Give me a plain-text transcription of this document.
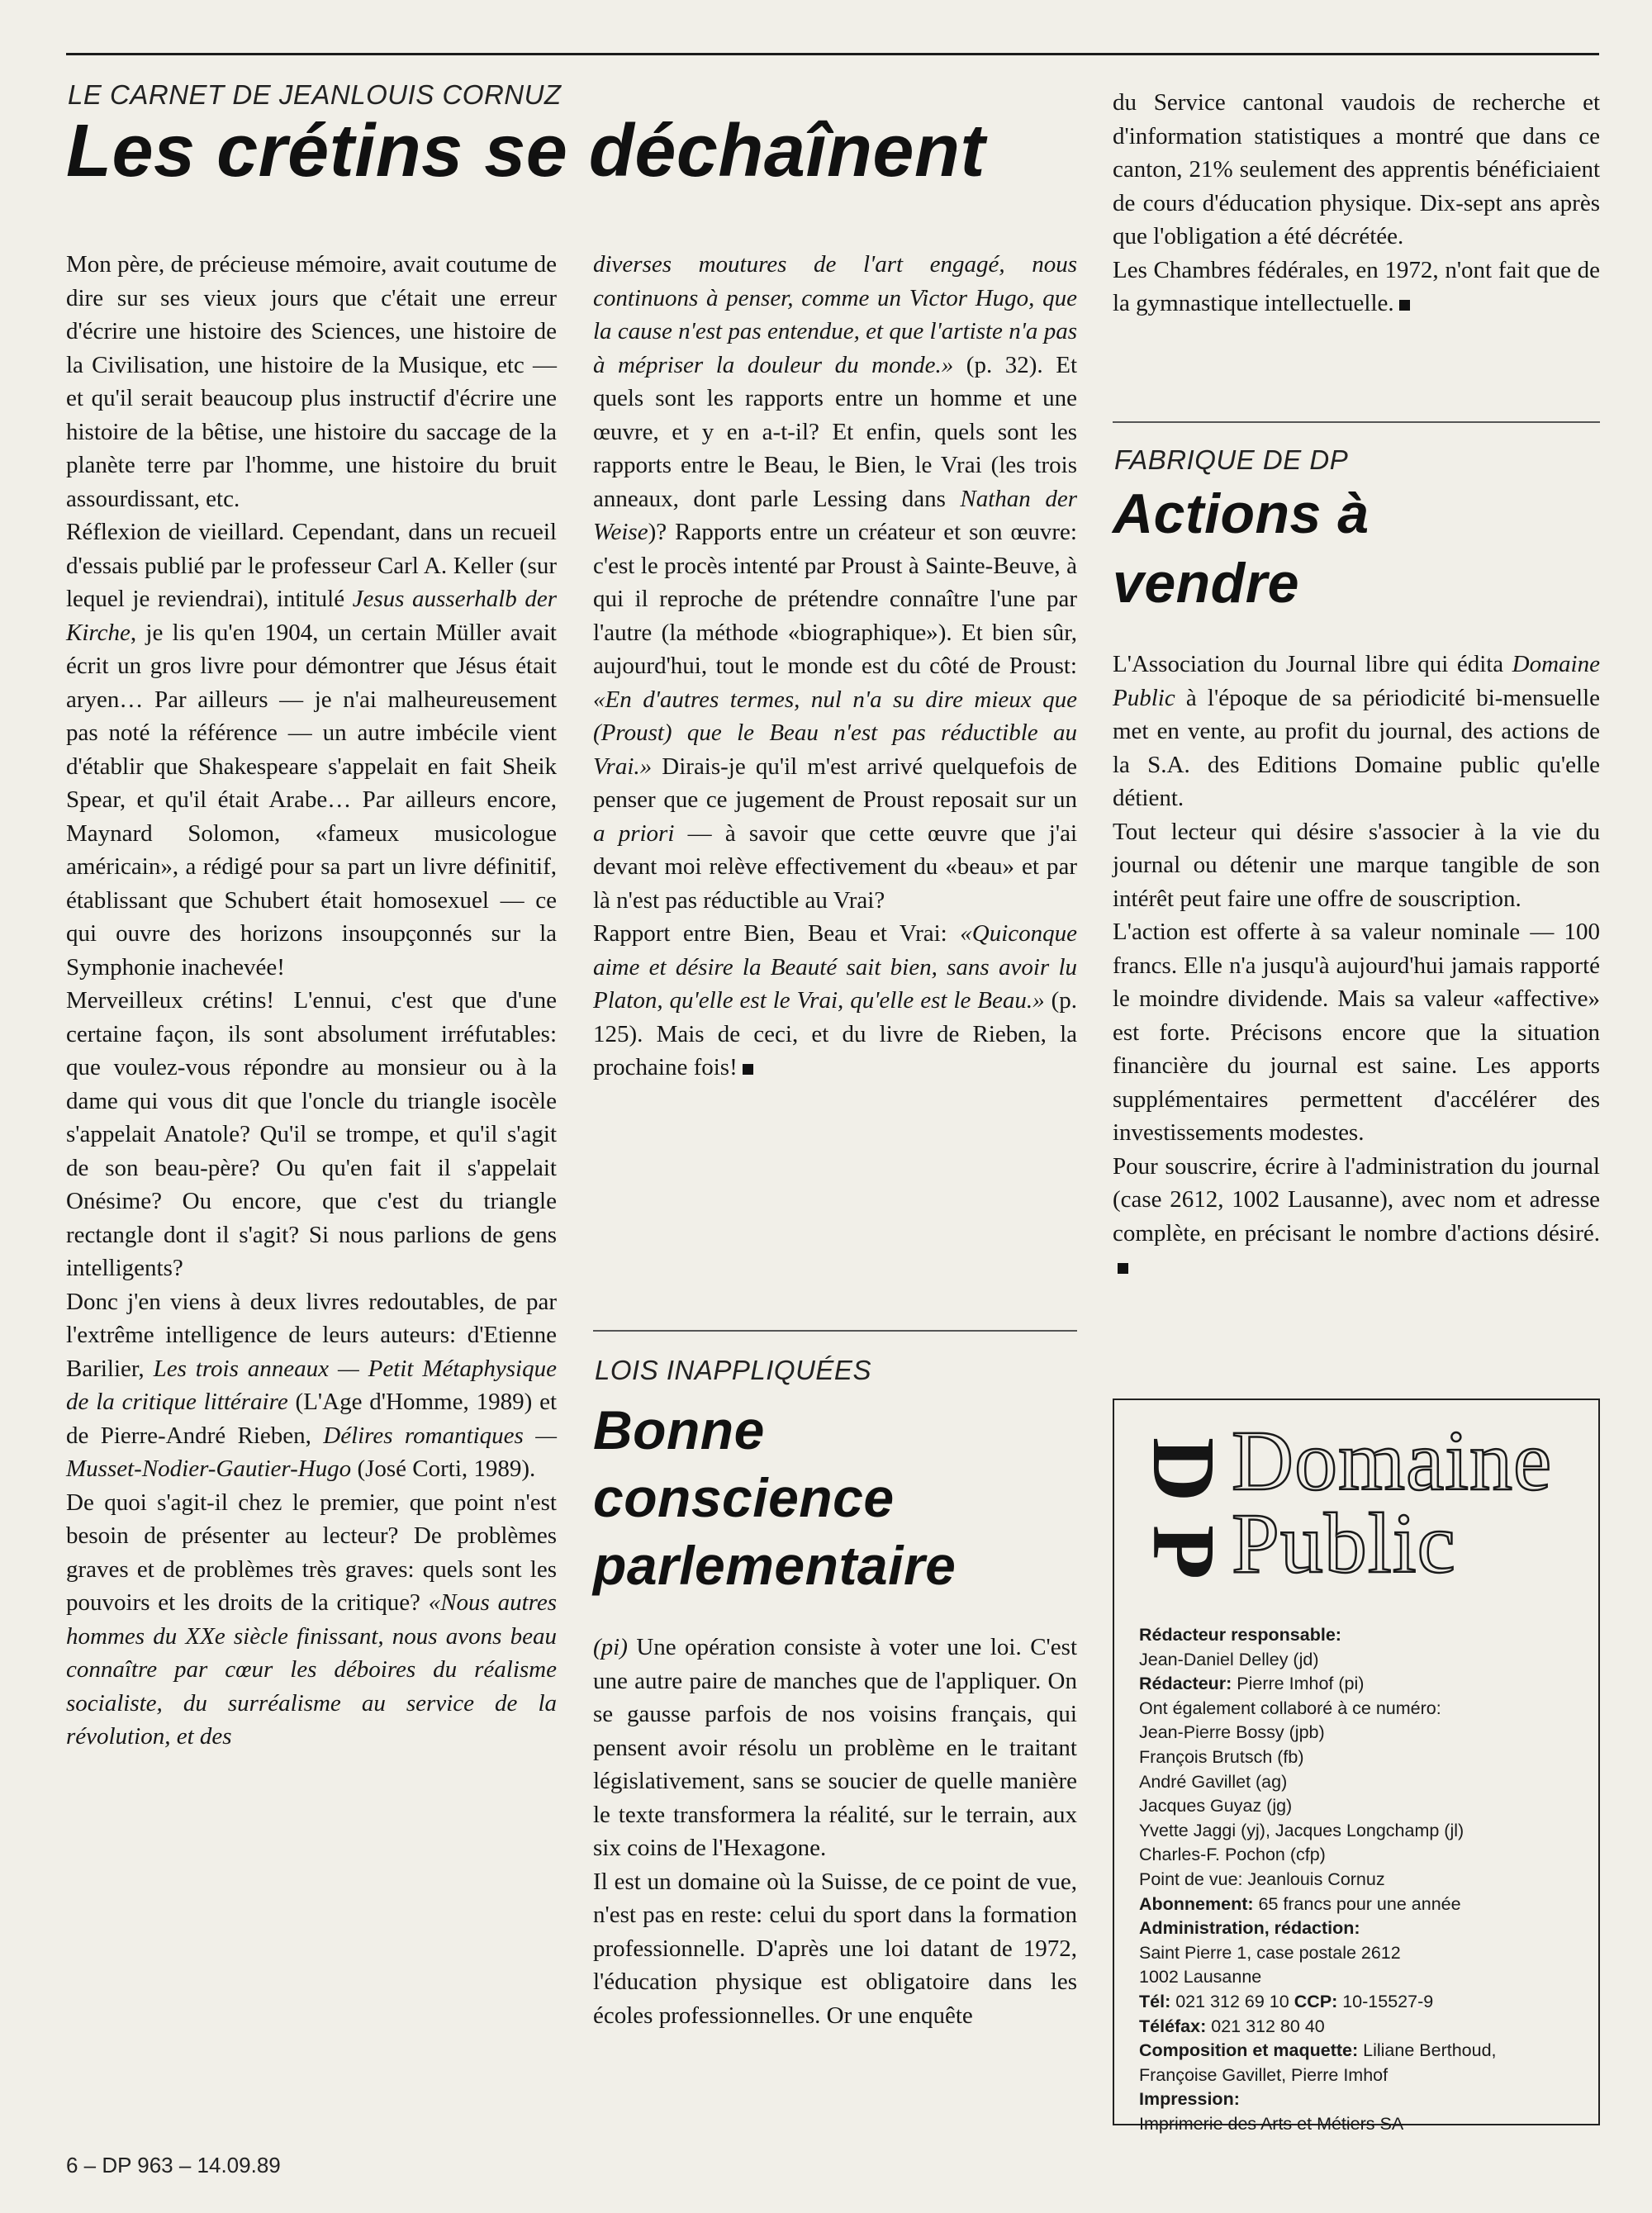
LE CARNET DE JEANLOUIS CORNUZ
Les crétins se déchaînent

Mon père, de précieuse mémoire, avait coutume de dire sur ses vieux jours que c'était une erreur d'écrire une histoire des Sciences, une histoire de la Civilisation, une histoire de la Musique, etc — et qu'il serait beaucoup plus instructif d'écrire une histoire de la bêtise, une histoire du saccage de la planète terre par l'homme, une histoire du bruit assourdissant, etc.

Réflexion de vieillard. Cependant, dans un recueil d'essais publié par le professeur Carl A. Keller (sur lequel je reviendrai), intitulé Jesus ausserhalb der Kirche, je lis qu'en 1904, un certain Müller avait écrit un gros livre pour démontrer que Jésus était aryen… Par ailleurs — je n'ai malheureusement pas noté la référence — un autre imbécile vient d'établir que Shakespeare s'appelait en fait Sheik Spear, et qu'il était Arabe… Par ailleurs encore, Maynard Solomon, «fameux musicologue américain», a rédigé pour sa part un livre définitif, établissant que Schubert était homosexuel — ce qui ouvre des horizons insoupçonnés sur la Symphonie inachevée!

Merveilleux crétins! L'ennui, c'est que d'une certaine façon, ils sont absolument irréfutables: que voulez-vous répondre au monsieur ou à la dame qui vous dit que l'oncle du triangle isocèle s'appelait Anatole? Qu'il se trompe, et qu'il s'agit de son beau-père? Ou qu'en fait il s'appelait Onésime? Ou encore, que c'est du triangle rectangle dont il s'agit? Si nous parlions de gens intelligents?

Donc j'en viens à deux livres redoutables, de par l'extrême intelligence de leurs auteurs: d'Etienne Barilier, Les trois anneaux — Petit Métaphysique de la critique littéraire (L'Age d'Homme, 1989) et de Pierre-André Rieben, Délires romantiques — Musset-Nodier-Gautier-Hugo (José Corti, 1989).

De quoi s'agit-il chez le premier, que point n'est besoin de présenter au lecteur? De problèmes graves et de problèmes très graves: quels sont les pouvoirs et les droits de la critique? «Nous autres hommes du XXe siècle finissant, nous avons beau connaître par cœur les déboires du réalisme socialiste, du surréalisme au service de la révolution, et des

diverses moutures de l'art engagé, nous continuons à penser, comme un Victor Hugo, que la cause n'est pas entendue, et que l'artiste n'a pas à mépriser la douleur du monde.» (p. 32). Et quels sont les rapports entre un homme et une œuvre, et y en a-t-il? Et enfin, quels sont les rapports entre le Beau, le Bien, le Vrai (les trois anneaux, dont parle Lessing dans Nathan der Weise)? Rapports entre un créateur et son œuvre: c'est le procès intenté par Proust à Sainte-Beuve, à qui il reproche de prétendre connaître l'une par l'autre (la méthode «biographique»). Et bien sûr, aujourd'hui, tout le monde est du côté de Proust: «En d'autres termes, nul n'a su dire mieux que (Proust) que le Beau n'est pas réductible au Vrai.» Dirais-je qu'il m'est arrivé quelquefois de penser que ce jugement de Proust reposait sur un a priori — à savoir que cette œuvre que j'ai devant moi relève effectivement du «beau» et par là n'est pas réductible au Vrai?

Rapport entre Bien, Beau et Vrai: «Quiconque aime et désire la Beauté sait bien, sans avoir lu Platon, qu'elle est le Vrai, qu'elle est le Beau.» (p. 125). Mais de ceci, et du livre de Rieben, la prochaine fois!

LOIS INAPPLIQUÉES
Bonne
conscience
parlementaire

(pi) Une opération consiste à voter une loi. C'est une autre paire de manches que de l'appliquer. On se gausse parfois de nos voisins français, qui pensent avoir résolu un problème en le traitant législativement, sans se soucier de quelle manière le texte transformera la réalité, sur le terrain, aux six coins de l'Hexagone.

Il est un domaine où la Suisse, de ce point de vue, n'est pas en reste: celui du sport dans la formation professionnelle. D'après une loi datant de 1972, l'éducation physique est obligatoire dans les écoles professionnelles. Or une enquête

du Service cantonal vaudois de recherche et d'information statistiques a montré que dans ce canton, 21% seulement des apprentis bénéficiaient de cours d'éducation physique. Dix-sept ans après que l'obligation a été décrétée.

Les Chambres fédérales, en 1972, n'ont fait que de la gymnastique intellectuelle.

FABRIQUE DE DP
Actions à
vendre

L'Association du Journal libre qui édita Domaine Public à l'époque de sa périodicité bi-mensuelle met en vente, au profit du journal, des actions de la S.A. des Editions Domaine public qu'elle détient.

Tout lecteur qui désire s'associer à la vie du journal ou détenir une marque tangible de son intérêt peut faire une offre de souscription.

L'action est offerte à sa valeur nominale — 100 francs. Elle n'a jusqu'à aujourd'hui jamais rapporté le moindre dividende. Mais sa valeur «affective» est forte. Précisons encore que la situation financière du journal est saine. Les apports supplémentaires permettent d'accélérer des investissements modestes.

Pour souscrire, écrire à l'administration du journal (case 2612, 1002 Lausanne), avec nom et adresse complète, en précisant le nombre d'actions désiré.

D
P
Domaine
Public
Rédacteur responsable:
Jean-Daniel Delley (jd)
Rédacteur: Pierre Imhof (pi)
Ont également collaboré à ce numéro:
Jean-Pierre Bossy (jpb)
François Brutsch (fb)
André Gavillet (ag)
Jacques Guyaz (jg)
Yvette Jaggi (yj), Jacques Longchamp (jl)
Charles-F. Pochon (cfp)
Point de vue: Jeanlouis Cornuz
Abonnement: 65 francs pour une année
Administration, rédaction:
Saint Pierre 1, case postale 2612
1002 Lausanne
Tél: 021 312 69 10 CCP: 10-15527-9
Téléfax: 021 312 80 40
Composition et maquette: Liliane Berthoud,
Françoise Gavillet, Pierre Imhof
Impression:
Imprimerie des Arts et Métiers SA
6 – DP 963 – 14.09.89
